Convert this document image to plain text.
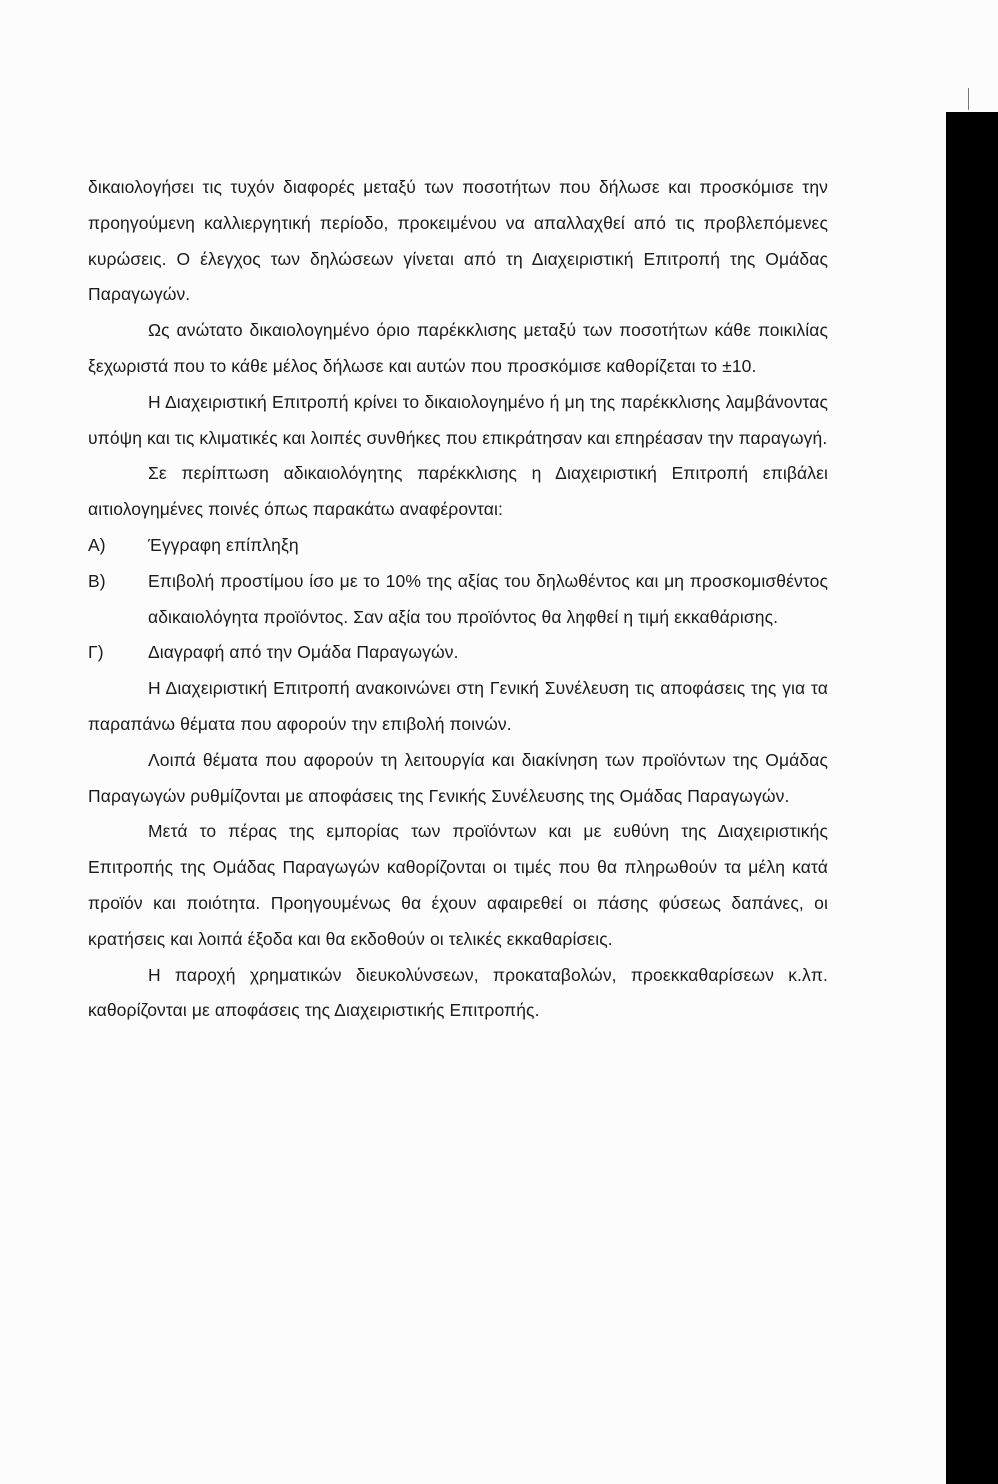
δικαιολογήσει τις τυχόν διαφορές μεταξύ των ποσοτήτων που δήλωσε και προσκόμισε την προηγούμενη καλλιεργητική περίοδο, προκειμένου να απαλλαχθεί από τις προβλεπόμενες κυρώσεις. Ο έλεγχος των δηλώσεων γίνεται από τη Διαχειριστική Επιτροπή της Ομάδας Παραγωγών.

Ως ανώτατο δικαιολογημένο όριο παρέκκλισης μεταξύ των ποσοτήτων κάθε ποικιλίας ξεχωριστά που το κάθε μέλος δήλωσε και αυτών που προσκόμισε καθορίζεται το ±10.

Η Διαχειριστική Επιτροπή κρίνει το δικαιολογημένο ή μη της παρέκκλισης λαμβάνοντας υπόψη και τις κλιματικές και λοιπές συνθήκες που επικράτησαν και επηρέασαν την παραγωγή.

Σε περίπτωση αδικαιολόγητης παρέκκλισης η Διαχειριστική Επιτροπή επιβάλει αιτιολογημένες ποινές όπως παρακάτω αναφέρονται:

Α) Έγγραφη επίπληξη
Β) Επιβολή προστίμου ίσο με το 10% της αξίας του δηλωθέντος και μη προσκομισθέντος αδικαιολόγητα προϊόντος. Σαν αξία του προϊόντος θα ληφθεί η τιμή εκκαθάρισης.
Γ)	Διαγραφή από την Ομάδα Παραγωγών.

Η Διαχειριστική Επιτροπή ανακοινώνει στη Γενική Συνέλευση τις αποφάσεις της για τα παραπάνω θέματα που αφορούν την επιβολή ποινών.

Λοιπά θέματα που αφορούν τη λειτουργία και διακίνηση των προϊόντων της Ομάδας Παραγωγών ρυθμίζονται με αποφάσεις της Γενικής Συνέλευσης της Ομάδας Παραγωγών.

Μετά το πέρας της εμπορίας των προϊόντων και με ευθύνη της Διαχειριστικής Επιτροπής της Ομάδας Παραγωγών καθορίζονται οι τιμές που θα πληρωθούν τα μέλη κατά προϊόν και ποιότητα. Προηγουμένως θα έχουν αφαιρεθεί οι πάσης φύσεως δαπάνες, οι κρατήσεις και λοιπά έξοδα και θα εκδοθούν οι τελικές εκκαθαρίσεις.

Η παροχή χρηματικών διευκολύνσεων, προκαταβολών, προεκκαθαρίσεων κ.λπ. καθορίζονται με αποφάσεις της Διαχειριστικής Επιτροπής.
